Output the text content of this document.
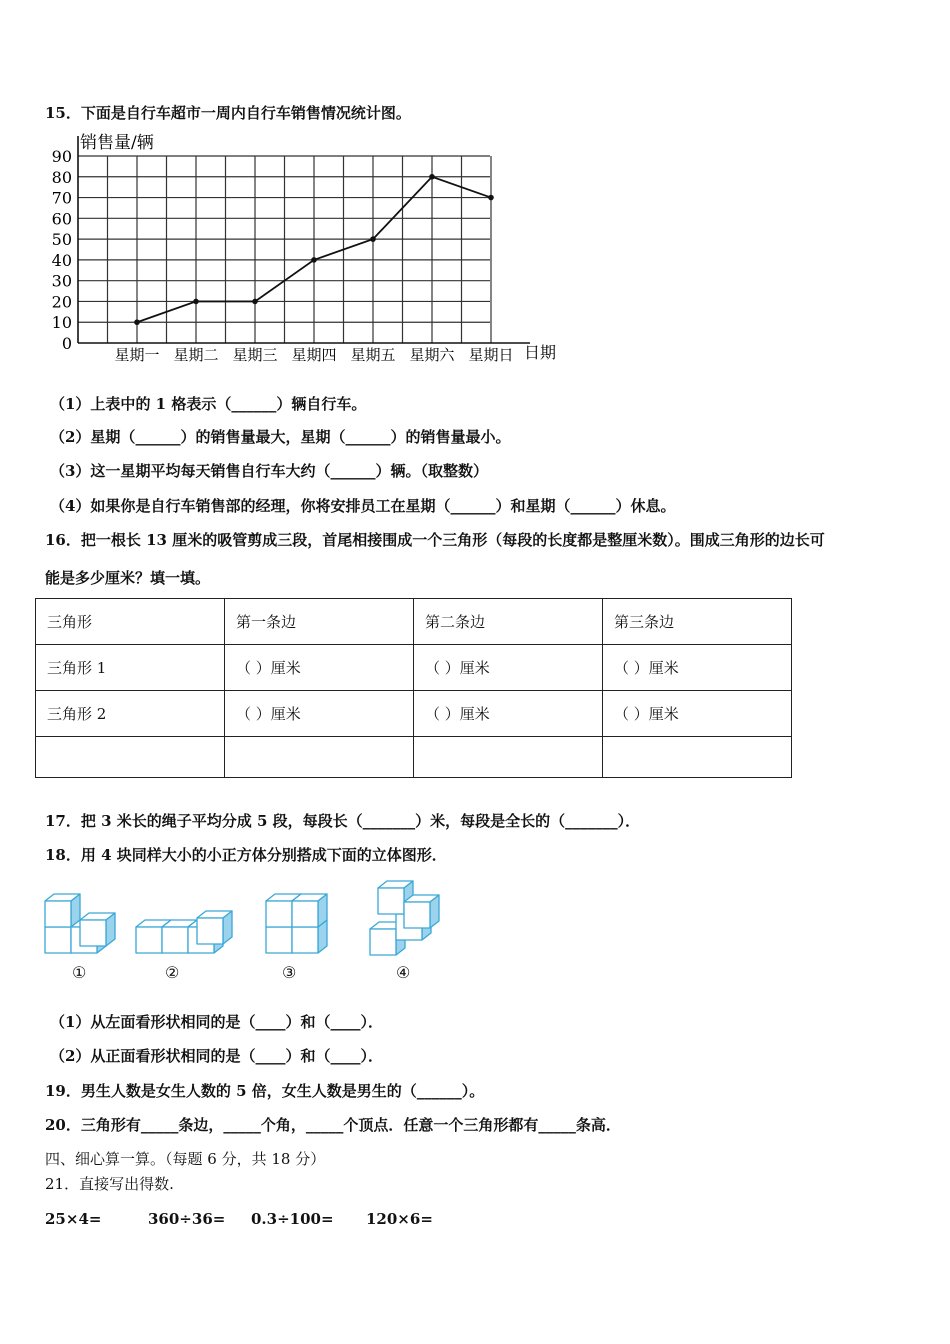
15．下面是自行车超市一周内自行车销售情况统计图。
0
10
20
30
40
50
60
70
80
90
星期一 星期二 星期三 星期四 星期五 星期六 星期日
销售量/辆
日期
（1）上表中的 1 格表示（______）辆自行车。
（2）星期（______）的销售量最大，星期（______）的销售量最小。
（3）这一星期平均每天销售自行车大约（______）辆。（取整数）
（4）如果你是自行车销售部的经理，你将安排员工在星期（______）和星期（______）休息。
16．把一根长 13 厘米的吸管剪成三段，首尾相接围成一个三角形（每段的长度都是整厘米数）。围成三角形的边长可
能是多少厘米？填一填。
三角形	第一条边	第二条边	第三条边
三角形 1	（ ）厘米	（ ）厘米	（ ）厘米
三角形 2	（ ）厘米	（ ）厘米	（ ）厘米

17．把 3 米长的绳子平均分成 5 段，每段长（_______）米，每段是全长的（_______）．
18．用 4 块同样大小的小正方体分别搭成下面的立体图形．
①	②	③	④
（1）从左面看形状相同的是（____）和（____）．
（2）从正面看形状相同的是（____）和（____）．
19．男生人数是女生人数的 5 倍，女生人数是男生的（______）。
20．三角形有_____条边，_____个角，_____个顶点．任意一个三角形都有_____条高．
四、细心算一算。（每题 6 分，共 18 分）
21．直接写出得数.
25×4=	360÷36= 0.3÷100= 120×6=
